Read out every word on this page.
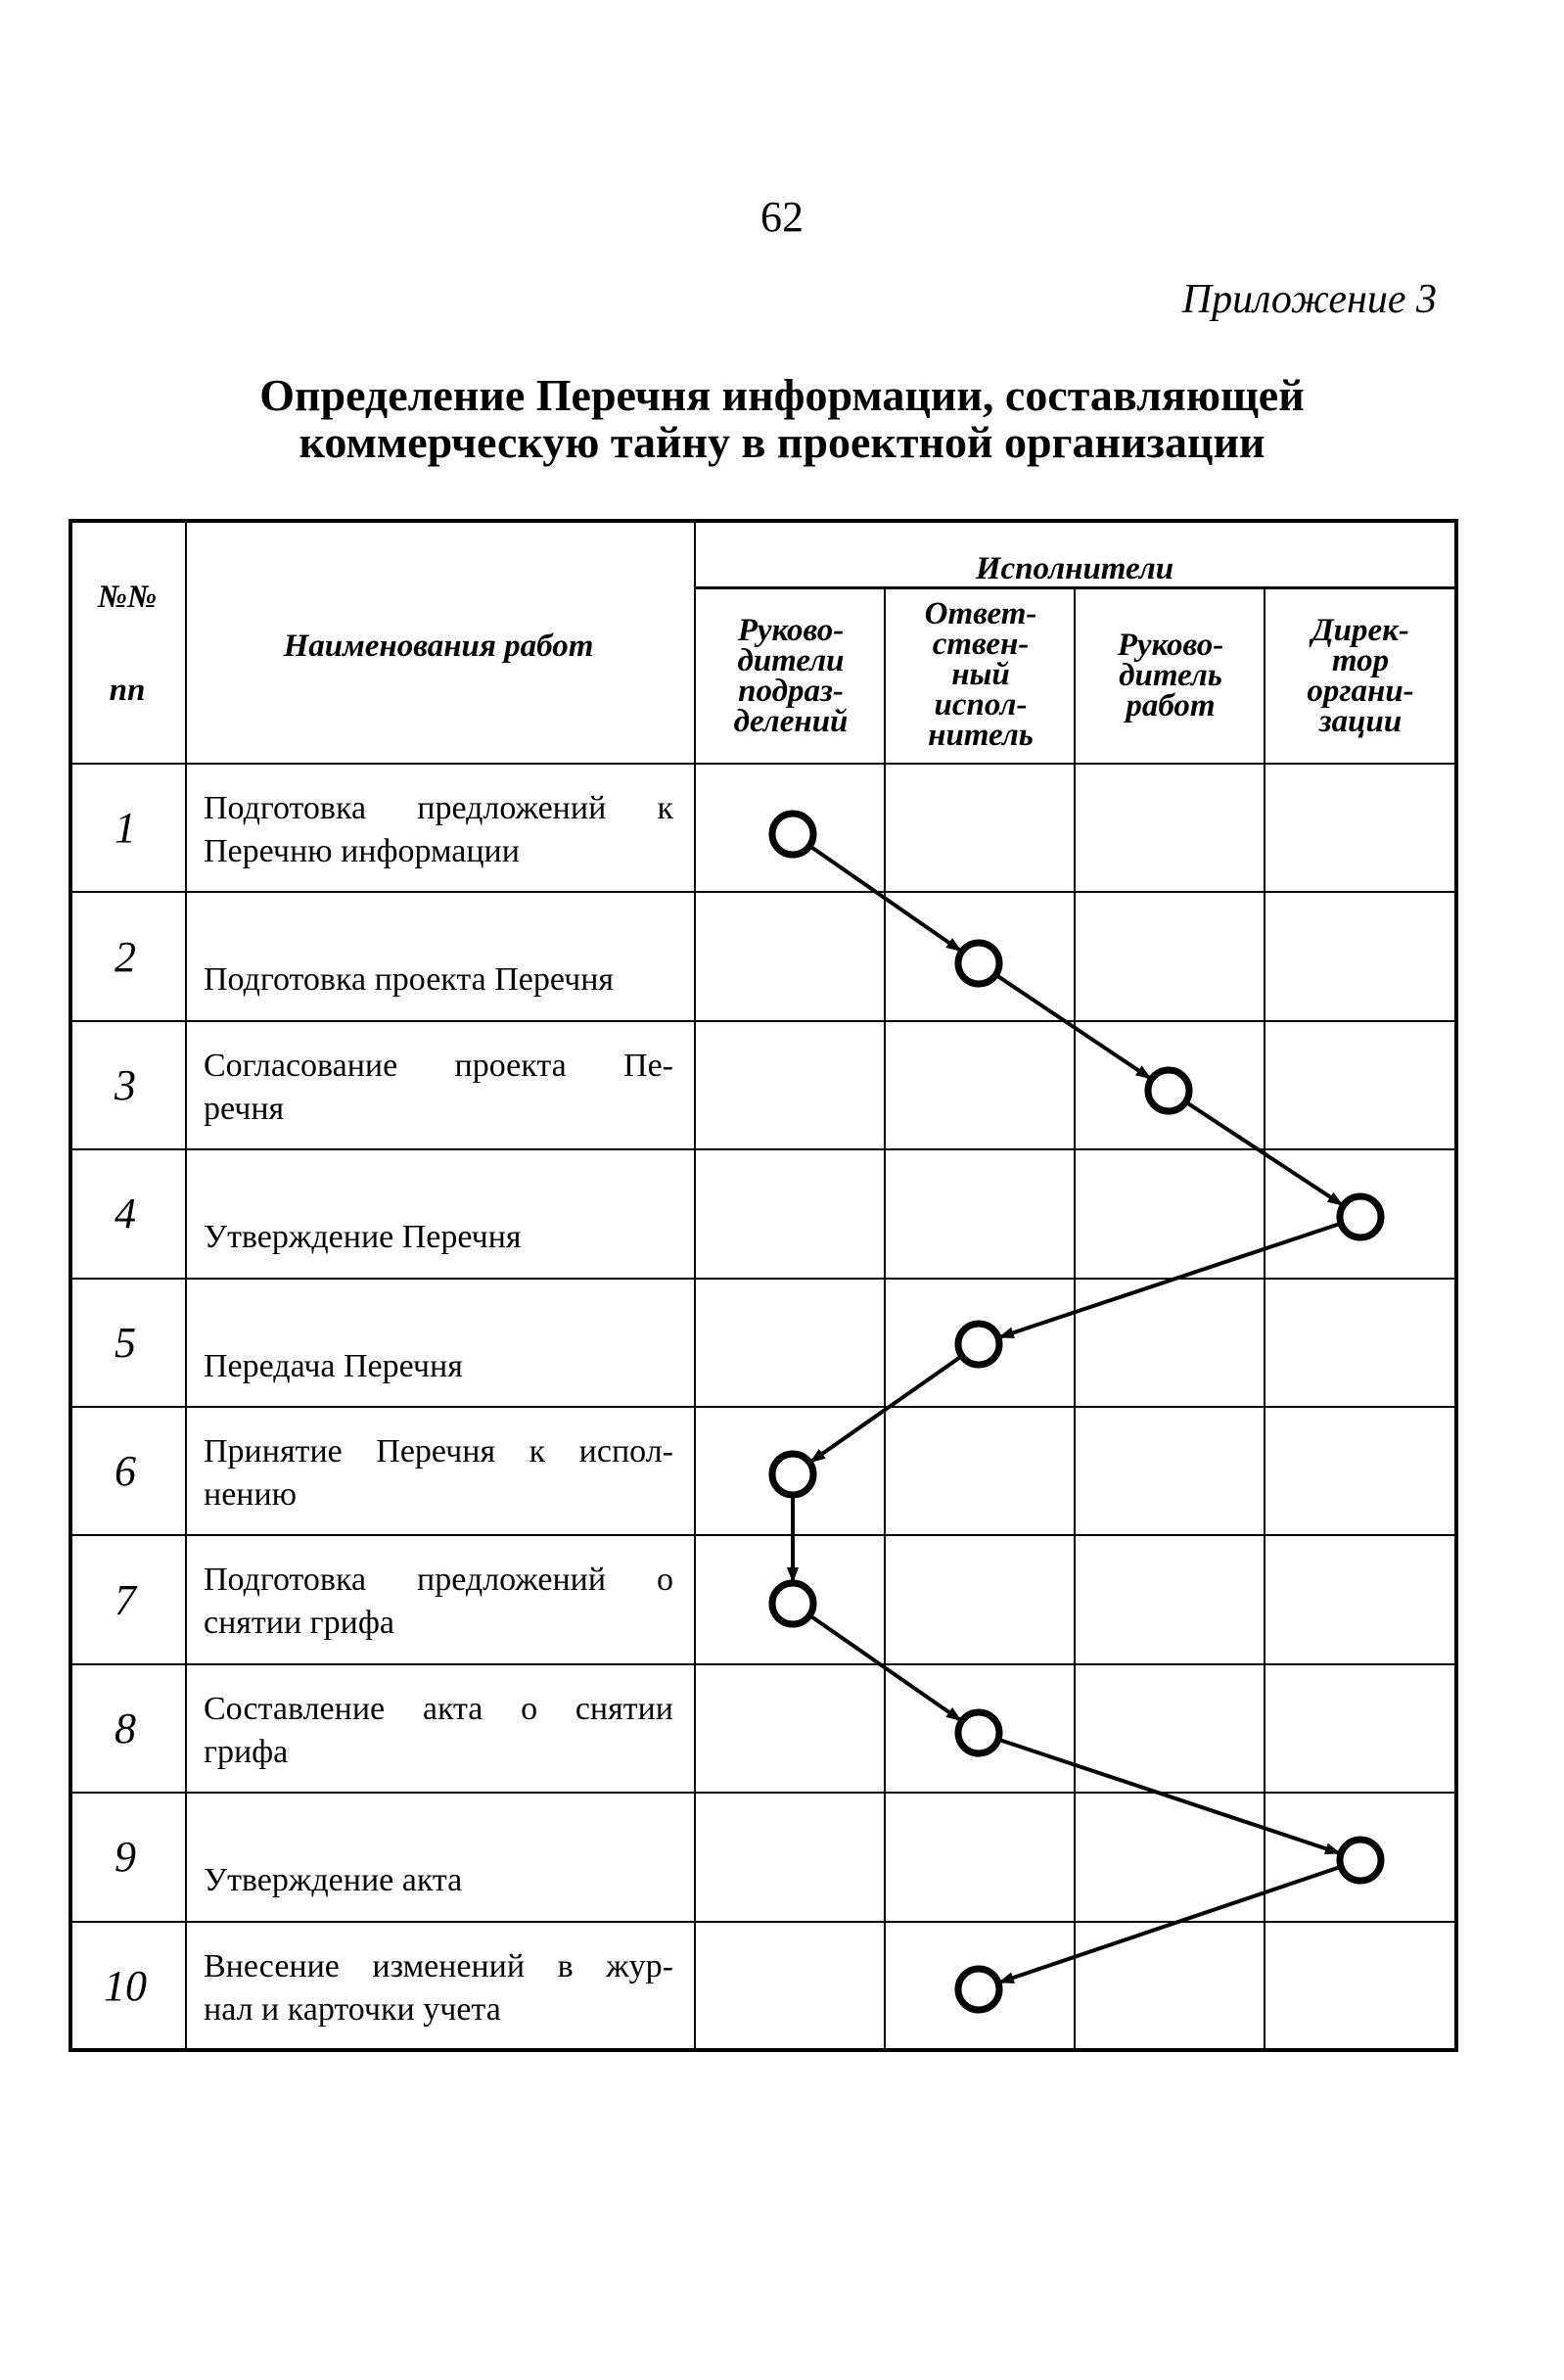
62
Приложение 3
Определение Перечня информации, составляющей
коммерческую тайну в проектной организации
№№
пп
Наименования работ
Исполнители
Руково-
дители
подраз-
делений
Ответ-
ствен-
ный
испол-
нитель
Руково-
дитель
работ
Дирек-
тор
органи-
зации
1	Подготовка предложений к
Перечню информации
2	Подготовка проекта Перечня
3	Согласование проекта Пе-
речня
4	Утверждение Перечня
5	Передача Перечня
6	Принятие Перечня к испол-
нению
7	Подготовка предложений о
снятии грифа
8	Составление акта о снятии
грифа
9	Утверждение акта
10	Внесение изменений в жур-
нал и карточки учета
